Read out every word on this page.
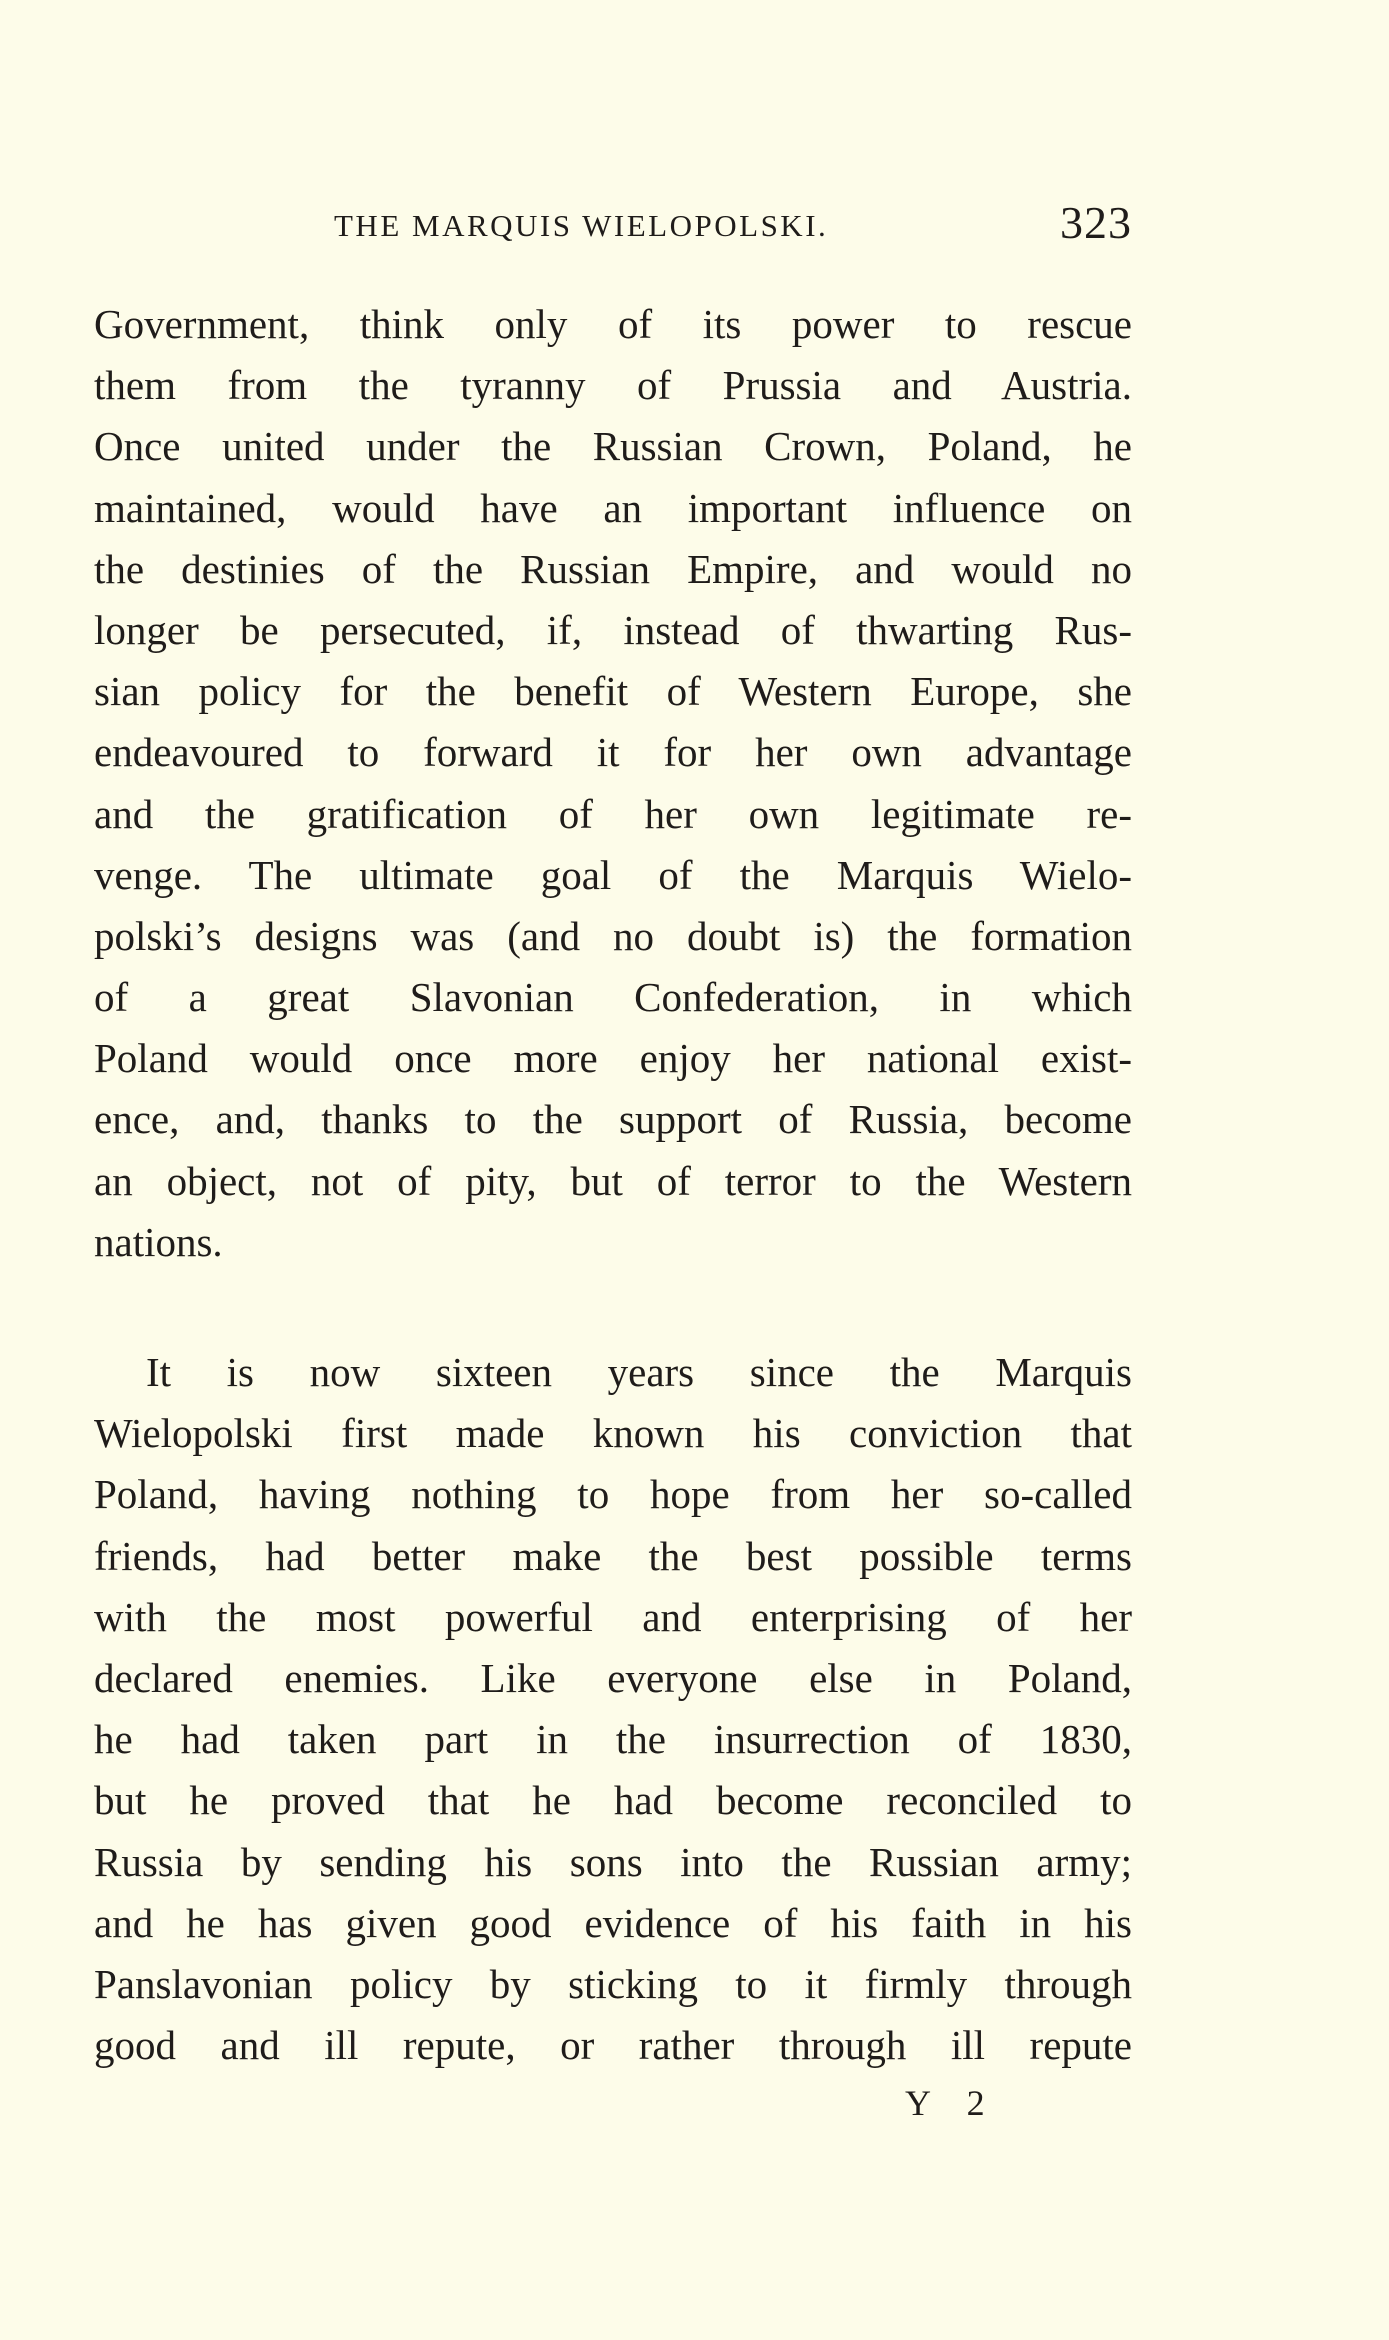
THE MARQUIS WIELOPOLSKI.	323
Government, think only of its power to rescue
them from the tyranny of Prussia and Austria.
Once united under the Russian Crown, Poland, he
maintained, would have an important influence on
the destinies of the Russian Empire, and would no
longer be persecuted, if, instead of thwarting Rus-
sian policy for the benefit of Western Europe, she
endeavoured to forward it for her own advantage
and the gratification of her own legitimate re-
venge. The ultimate goal of the Marquis Wielo-
polski’s designs was (and no doubt is) the formation
of a great Slavonian Confederation, in which
Poland would once more enjoy her national exist-
ence, and, thanks to the support of Russia, become
an object, not of pity, but of terror to the Western
nations.
It is now sixteen years since the Marquis
Wielopolski first made known his conviction that
Poland, having nothing to hope from her so-called
friends, had better make the best possible terms
with the most powerful and enterprising of her
declared enemies. Like everyone else in Poland,
he had taken part in the insurrection of 1830,
but he proved that he had become reconciled to
Russia by sending his sons into the Russian army;
and he has given good evidence of his faith in his
Panslavonian policy by sticking to it firmly through
good and ill repute, or rather through ill repute
Y 2
